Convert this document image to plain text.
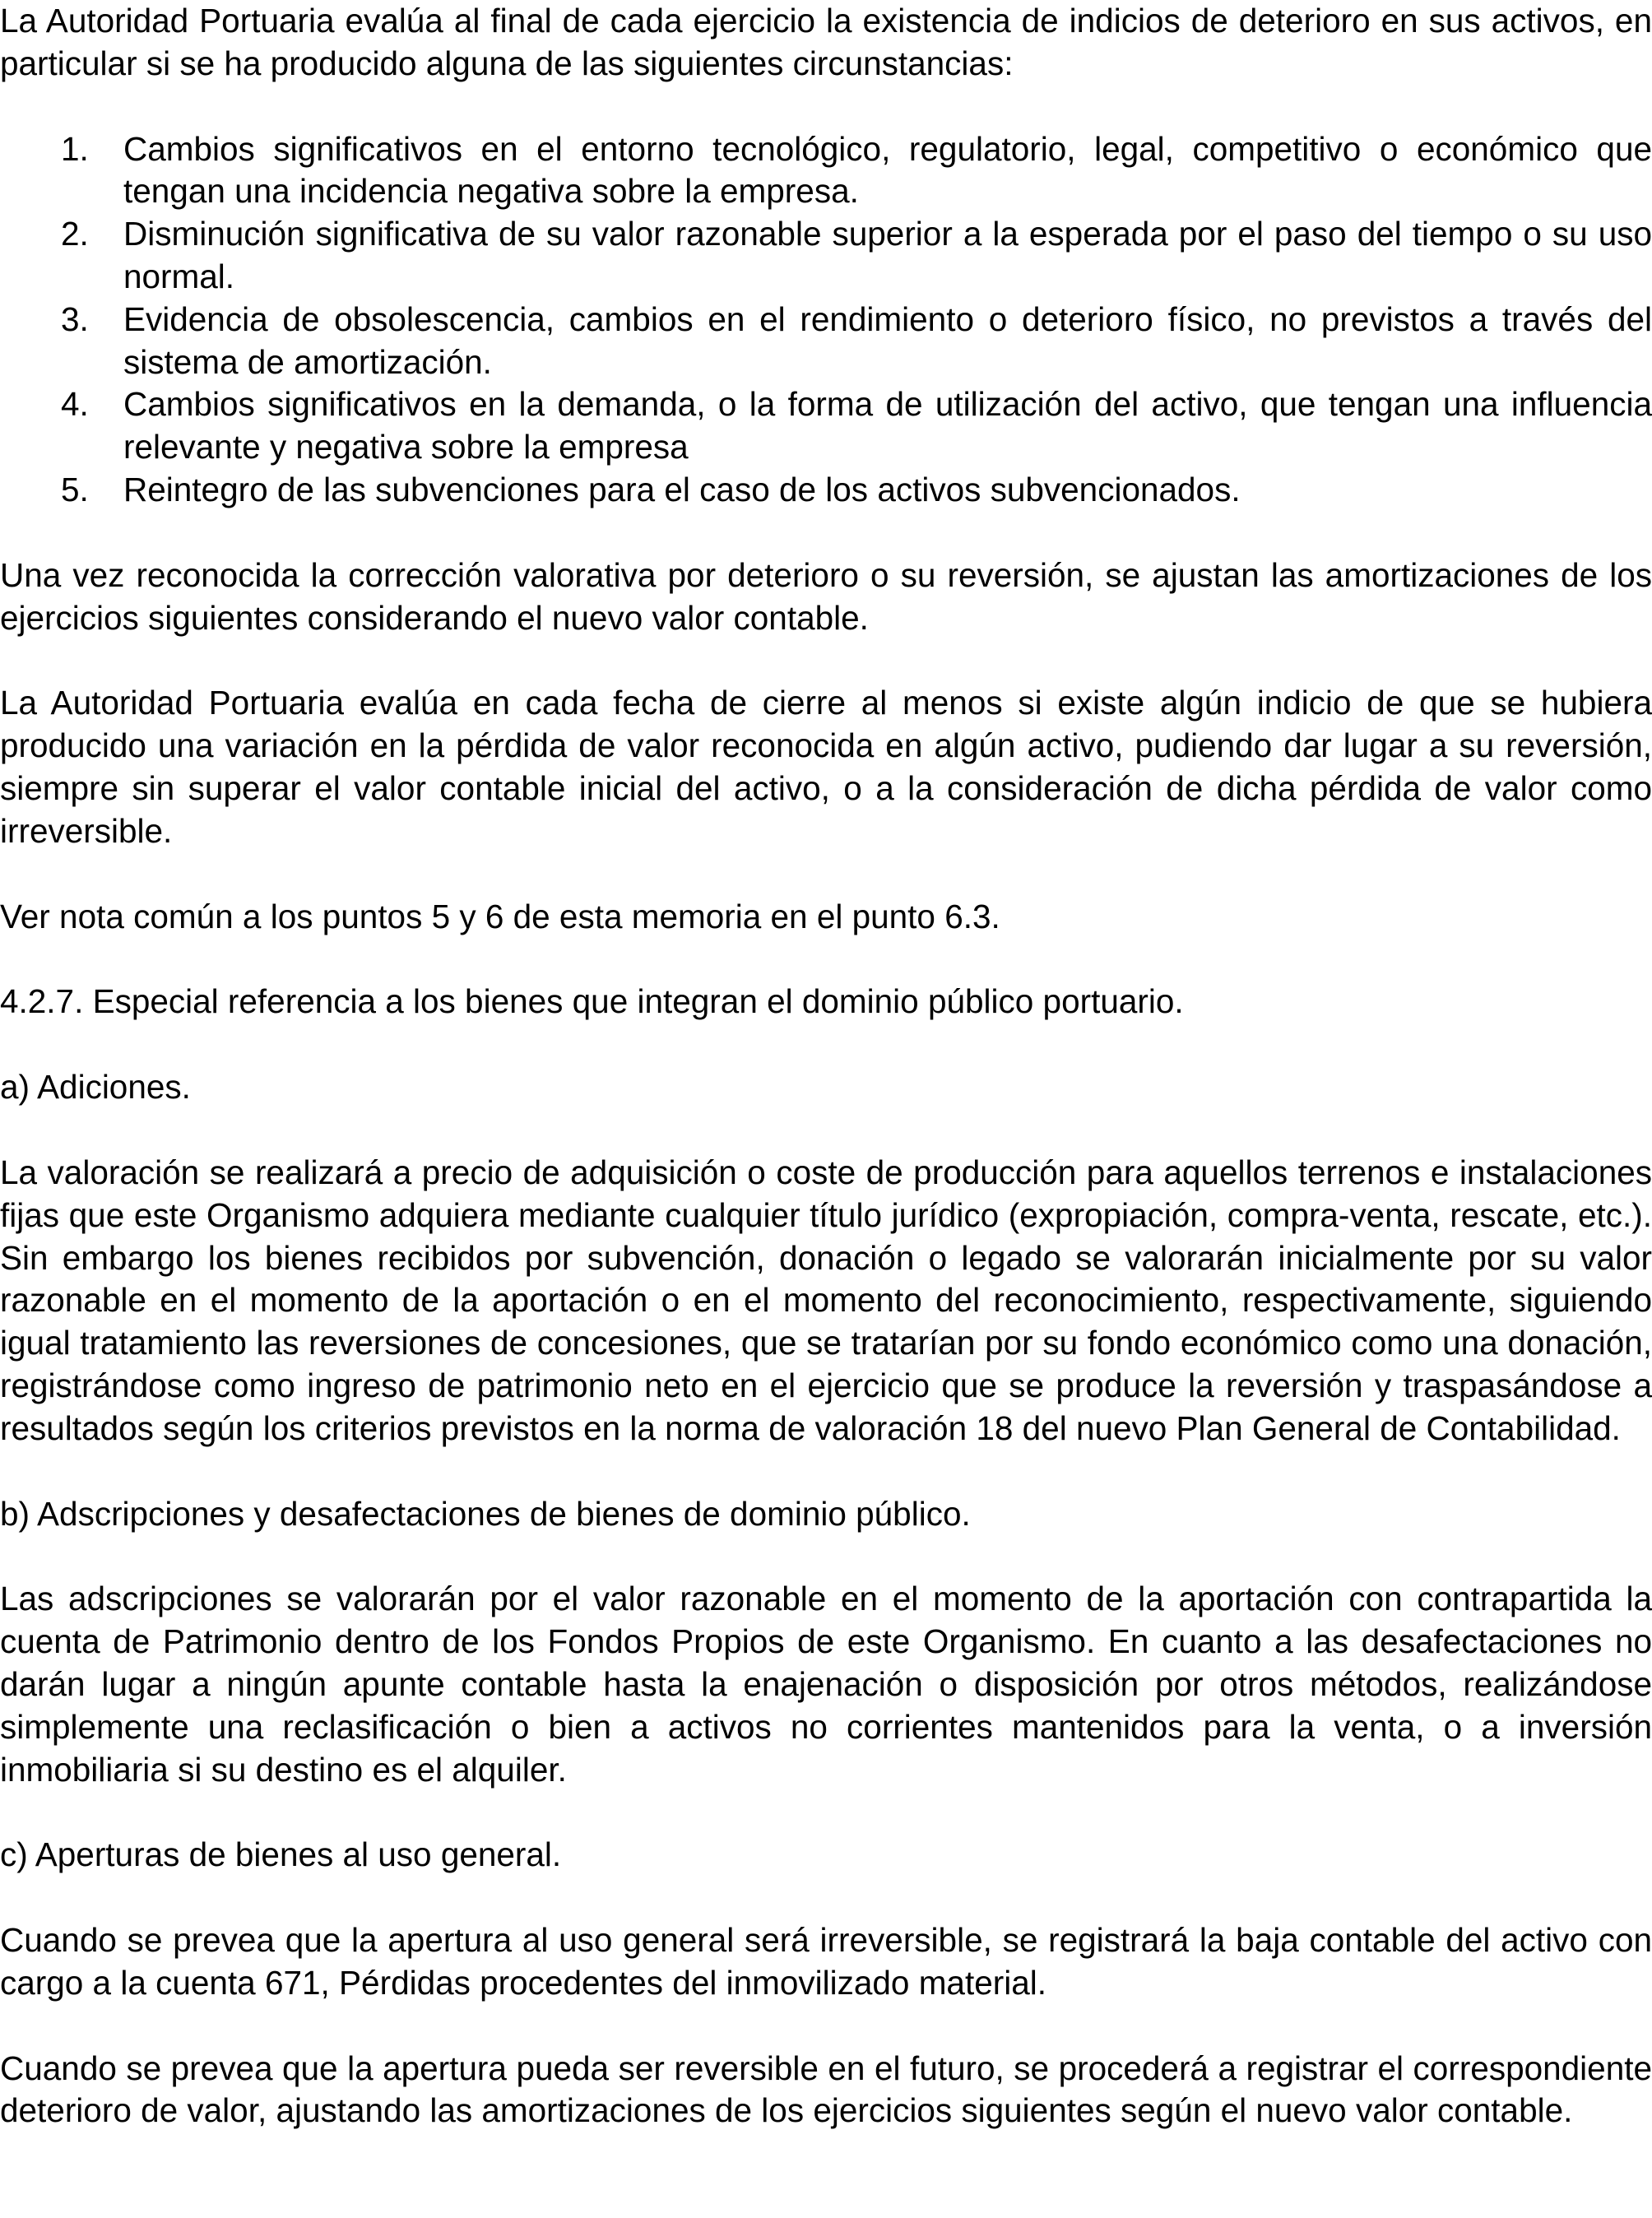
La Autoridad Portuaria evalúa al final de cada ejercicio la existencia de indicios de deterioro en sus activos, en particular si se ha producido alguna de las siguientes circunstancias:

1. Cambios significativos en el entorno tecnológico, regulatorio, legal, competitivo o económico que tengan una incidencia negativa sobre la empresa.
2. Disminución significativa de su valor razonable superior a la esperada por el paso del tiempo o su uso normal.
3. Evidencia de obsolescencia, cambios en el rendimiento o deterioro físico, no previstos a través del sistema de amortización.
4. Cambios significativos en la demanda, o la forma de utilización del activo, que tengan una influencia relevante y negativa sobre la empresa
5. Reintegro de las subvenciones para el caso de los activos subvencionados.

Una vez reconocida la corrección valorativa por deterioro o su reversión, se ajustan las amortizaciones de los ejercicios siguientes considerando el nuevo valor contable.

La Autoridad Portuaria evalúa en cada fecha de cierre al menos si existe algún indicio de que se hubiera producido una variación en la pérdida de valor reconocida en algún activo, pudiendo dar lugar a su reversión, siempre sin superar el valor contable inicial del activo, o a la consideración de dicha pérdida de valor como irreversible.

Ver nota común a los puntos 5 y 6 de esta memoria en el punto 6.3.

4.2.7. Especial referencia a los bienes que integran el dominio público portuario.

a) Adiciones.

La valoración se realizará a precio de adquisición o coste de producción para aquellos terrenos e instalaciones fijas que este Organismo adquiera mediante cualquier título jurídico (expropiación, compra-venta, rescate, etc.). Sin embargo los bienes recibidos por subvención, donación o legado se valorarán inicialmente por su valor razonable en el momento de la aportación o en el momento del reconocimiento, respectivamente, siguiendo igual tratamiento las reversiones de concesiones, que se tratarían por su fondo económico como una donación, registrándose como ingreso de patrimonio neto en el ejercicio que se produce la reversión y traspasándose a resultados según los criterios previstos en la norma de valoración 18 del nuevo Plan General de Contabilidad.

b) Adscripciones y desafectaciones de bienes de dominio público.

Las adscripciones se valorarán por el valor razonable en el momento de la aportación con contrapartida la cuenta de Patrimonio dentro de los Fondos Propios de este Organismo. En cuanto a las desafectaciones no darán lugar a ningún apunte contable hasta la enajenación o disposición por otros métodos, realizándose simplemente una reclasificación o bien a activos no corrientes mantenidos para la venta, o a inversión inmobiliaria si su destino es el alquiler.

c) Aperturas de bienes al uso general.

Cuando se prevea que la apertura al uso general será irreversible, se registrará la baja contable del activo con cargo a la cuenta 671, Pérdidas procedentes del inmovilizado material.

Cuando se prevea que la apertura pueda ser reversible en el futuro, se procederá a registrar el correspondiente deterioro de valor, ajustando las amortizaciones de los ejercicios siguientes según el nuevo valor contable.
